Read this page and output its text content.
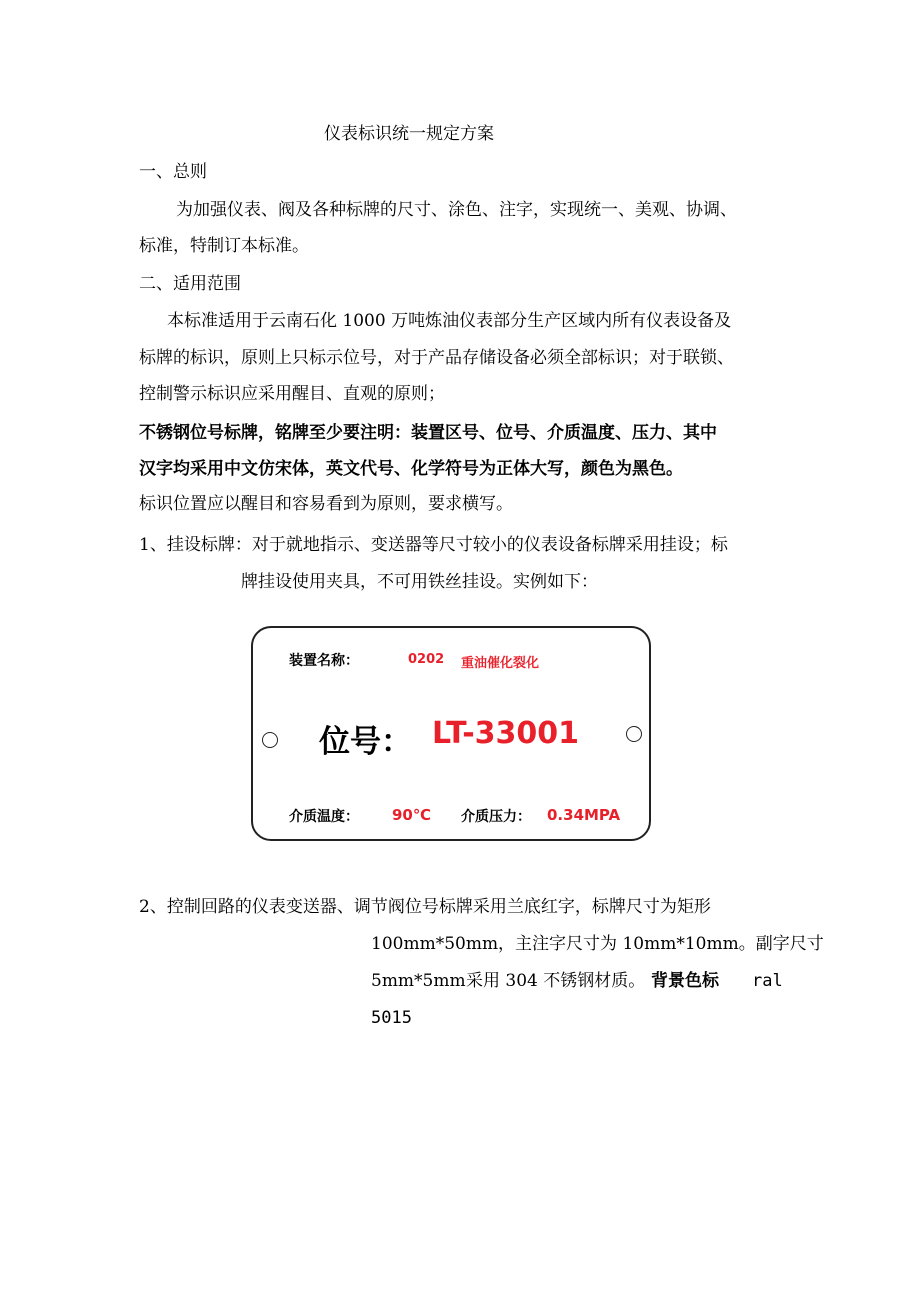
仪表标识统一规定方案
一、总则
为加强仪表、阀及各种标牌的尺寸、涂色、注字，实现统一、美观、协调、
标准，特制订本标准。
二、适用范围
本标准适用于云南石化 1000 万吨炼油仪表部分生产区域内所有仪表设备及
标牌的标识，原则上只标示位号，对于产品存储设备必须全部标识；对于联锁、
控制警示标识应采用醒目、直观的原则；
不锈钢位号标牌，铭牌至少要注明：装置区号、位号、介质温度、压力、其中
汉字均采用中文仿宋体，英文代号、化学符号为正体大写，颜色为黑色。
标识位置应以醒目和容易看到为原则，要求横写。
1、挂设标牌：对于就地指示、变送器等尺寸较小的仪表设备标牌采用挂设；标
牌挂设使用夹具，不可用铁丝挂设。实例如下：
装置名称：	0202 重油催化裂化
位号： LT-33001
介质温度： 90℃ 介质压力： 0.34MPA
2、控制回路的仪表变送器、调节阀位号标牌采用兰底红字，标牌尺寸为矩形
100mm*50mm，主注字尺寸为 10mm*10mm。副字尺寸
5mm*5mm 采用 304 不锈钢材质。 背景色标 ral
5015
